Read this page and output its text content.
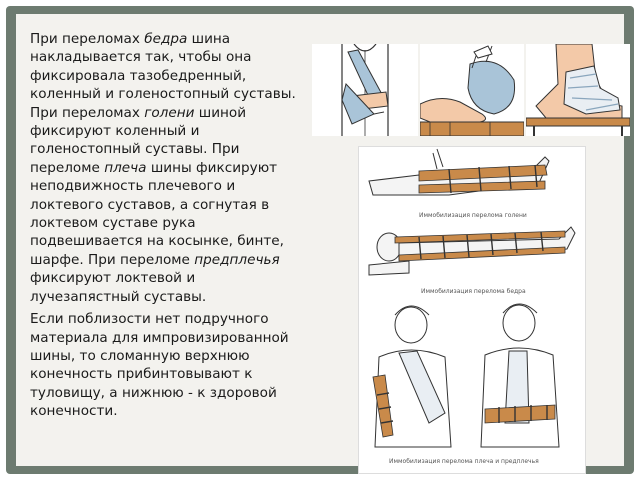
При переломах бедра шина накладывается так, чтобы она фиксировала тазобедренный, коленный и голеностопный суставы. При переломах голени шиной фиксируют коленный и голеностопный суставы. При переломе плеча шины фиксируют неподвижность плечевого и локтевого суставов, а согнутая в локтевом суставе рука подвешивается на косынке, бинте, шарфе. При переломе предплечья фиксируют локтевой и лучезапястный суставы.

Если поблизости нет подручного материала для импровизированной шины, то сломанную верхнюю конечность прибинтовывают к туловищу, а нижнюю - к здоровой конечности.

Иммобилизация перелома голени
Иммобилизация перелома бедра
Иммобилизация перелома плеча и предплечья
